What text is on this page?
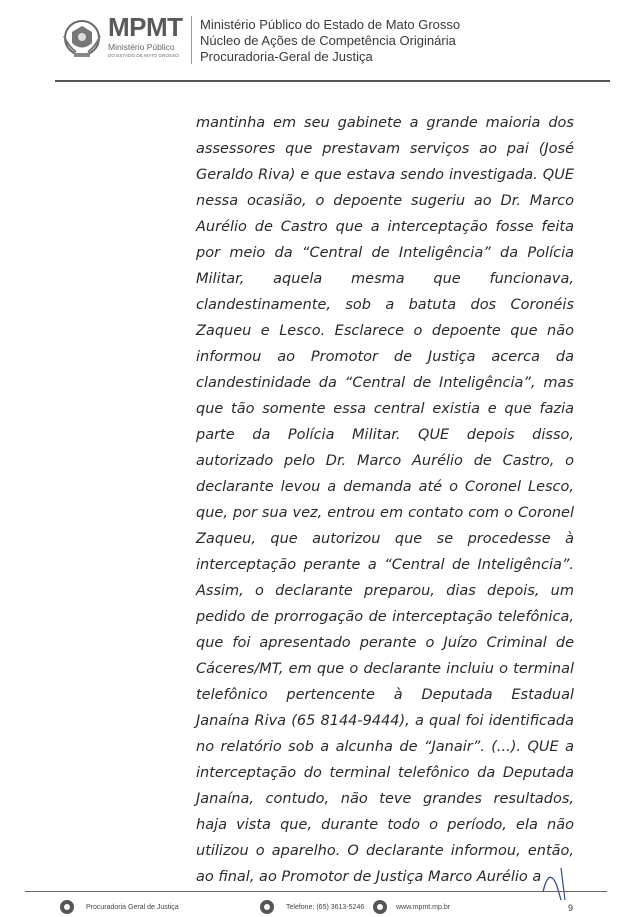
MPMT
Ministério Público
DO ESTADO DE MATO GROSSO
Ministério Público do Estado de Mato Grosso
Núcleo de Ações de Competência Originária
Procuradoria-Geral de Justiça

mantinha em seu gabinete a grande maioria dos assessores que prestavam serviços ao pai (José Geraldo Riva) e que estava sendo investigada. QUE nessa ocasião, o depoente sugeriu ao Dr. Marco Aurélio de Castro que a interceptação fosse feita por meio da “Central de Inteligência” da Polícia Militar, aquela mesma que funcionava, clandestinamente, sob a batuta dos Coronéis Zaqueu e Lesco. Esclarece o depoente que não informou ao Promotor de Justiça acerca da clandestinidade da “Central de Inteligência”, mas que tão somente essa central existia e que fazia parte da Polícia Militar. QUE depois disso, autorizado pelo Dr. Marco Aurélio de Castro, o declarante levou a demanda até o Coronel Lesco, que, por sua vez, entrou em contato com o Coronel Zaqueu, que autorizou que se procedesse à interceptação perante a “Central de Inteligência”. Assim, o declarante preparou, dias depois, um pedido de prorrogação de interceptação telefônica, que foi apresentado perante o Juízo Criminal de Cáceres/MT, em que o declarante incluiu o terminal telefônico pertencente à Deputada Estadual Janaína Riva (65 8144-9444), a qual foi identificada no relatório sob a alcunha de “Janair”. (...). QUE a interceptação do terminal telefônico da Deputada Janaína, contudo, não teve grandes resultados, haja vista que, durante todo o período, ela não utilizou o aparelho. O declarante informou, então, ao final, ao Promotor de Justiça Marco Aurélio a

Procuradoria Geral de Justiça	Telefone: (65) 3613-5246	www.mpmt.mp.br	9
